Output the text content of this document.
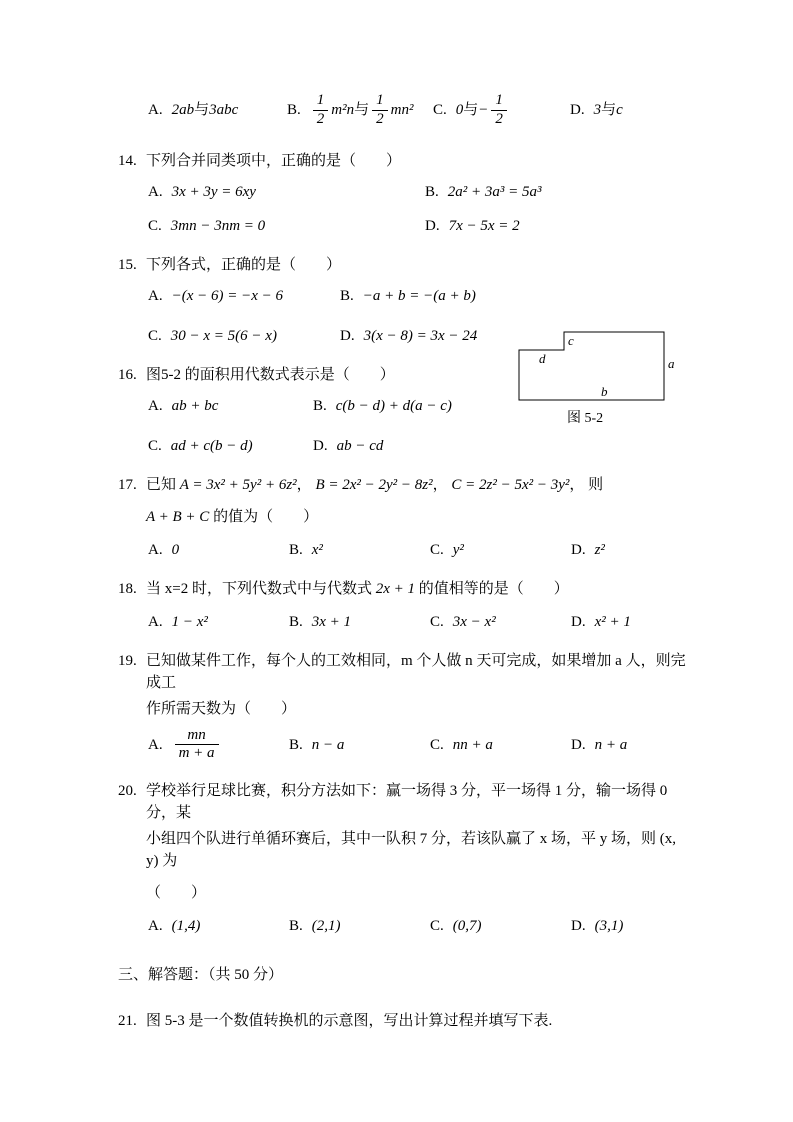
A. 2ab 与 3abc	B. $\frac{1}{2} m^2n$ 与 $\frac{1}{2} mn^2$ C. 0 与 − $\frac{1}{2}$	D. 3 与 c
14. 下列合并同类项中，正确的是（　　）
A. 3x + 3y = 6xy	B. 2a² + 3a³ = 5a³
C. 3mn − 3nm = 0	D. 7x − 5x = 2
15. 下列各式，正确的是（　　）
A. −(x − 6) = −x − 6	B. −a + b = −(a + b)
C. 30 − x = 5(6 − x)	D. 3(x − 8) = 3x − 24
16. 图5-2 的面积用代数式表示是（　　）
A. ab + bc	B. c(b − d) + d(a − c)
C. ad + c(b − d)	D. ab − cd
17. 已知 A = 3x² + 5y² + 6z²， B = 2x² − 2y² − 8z²， C = 2z² − 5x² − 3y²， 则
A + B + C 的值为（　　）
A. 0	B. x²	C. y²	D. z²
18. 当 x=2 时，下列代数式中与代数式 2x + 1 的值相等的是（　　）
A. 1 − x²	B. 3x + 1	C. 3x − x²	D. x² + 1
19. 已知做某件工作，每个人的工效相同，m 个人做 n 天可完成，如果增加 a 人，则完成工
作所需天数为（　　）
A. $\frac{mn}{m + a}$	B. n − a	C. nn + a	D. n + a
20. 学校举行足球比赛，积分方法如下：赢一场得 3 分，平一场得 1 分，输一场得 0 分，某
小组四个队进行单循环赛后，其中一队积 7 分，若该队赢了 x 场，平 y 场，则 (x, y) 为
（　　）
A. (1,4)	B. (2,1)	C. (0,7)	D. (3,1)
三、解答题：（共 50 分）
21. 图 5-3 是一个数值转换机的示意图，写出计算过程并填写下表.
d
c
a
b
图 5-2
